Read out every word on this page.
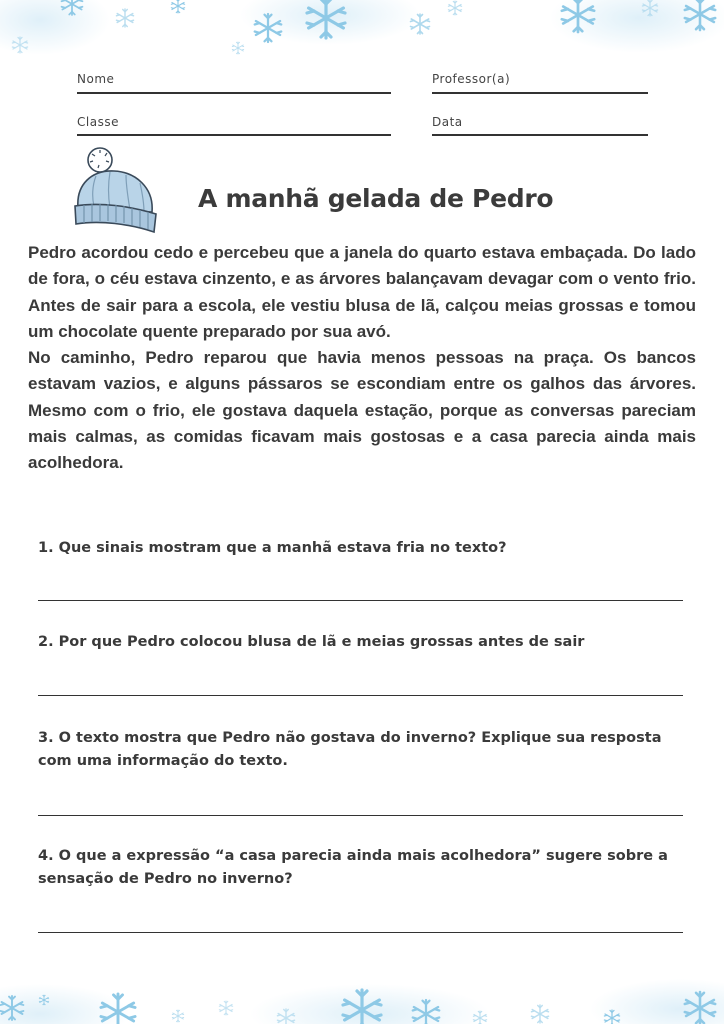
Nome	Professor(a)
Classe	Data
A manhã gelada de Pedro

Pedro acordou cedo e percebeu que a janela do quarto estava embaçada. Do lado de fora, o céu estava cinzento, e as árvores balançavam devagar com o vento frio. Antes de sair para a escola, ele vestiu blusa de lã, calçou meias grossas e tomou um chocolate quente preparado por sua avó.

No caminho, Pedro reparou que havia menos pessoas na praça. Os bancos estavam vazios, e alguns pássaros se escondiam entre os galhos das árvores. Mesmo com o frio, ele gostava daquela estação, porque as conversas pareciam mais calmas, as comidas ficavam mais gostosas e a casa parecia ainda mais acolhedora.

1. Que sinais mostram que a manhã estava fria no texto?
2. Por que Pedro colocou blusa de lã e meias grossas antes de sair
3. O texto mostra que Pedro não gostava do inverno? Explique sua resposta com uma informação do texto.
4. O que a expressão “a casa parecia ainda mais acolhedora” sugere sobre a sensação de Pedro no inverno?
